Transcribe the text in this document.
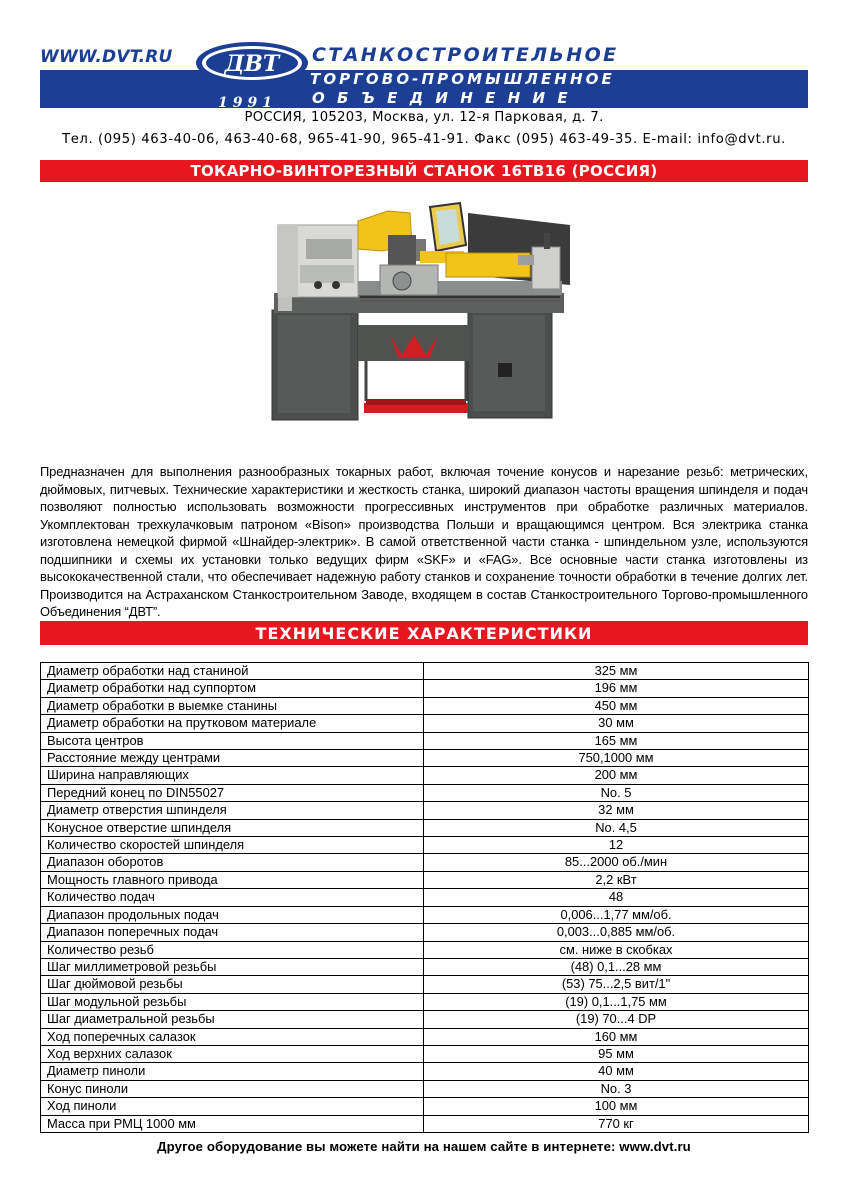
WWW.DVT.RU ДВТ
1991
СТАНКОСТРОИТЕЛЬНОЕ
ТОРГОВО-ПРОМЫШЛЕННОЕ
ОБЪЕДИНЕНИЕ
РОССИЯ, 105203, Москва, ул. 12-я Парковая, д. 7.
Тел. (095) 463-40-06, 463-40-68, 965-41-90, 965-41-91. Факс (095) 463-49-35. E-mail: info@dvt.ru.
ТОКАРНО-ВИНТОРЕЗНЫЙ СТАНОК 16ТВ16 (РОССИЯ)
Предназначен для выполнения разнообразных токарных работ, включая точение конусов и нарезание резьб: метрических, дюймовых, питчевых. Технические характеристики и жесткость станка, широкий диапазон частоты вращения шпинделя и подач позволяют полностью использовать возможности прогрессивных инструментов при обработке различных материалов. Укомплектован трехкулачковым патроном «Bison» производства Польши и вращающимся центром. Вся электрика станка изготовлена немецкой фирмой «Шнайдер-электрик». В самой ответственной части станка - шпиндельном узле, используются подшипники и схемы их установки только ведущих фирм «SKF» и «FAG». Все основные части станка изготовлены из высококачественной стали, что обеспечивает надежную работу станков и сохранение точности обработки в течение долгих лет. Производится на Астраханском Станкостроительном Заводе, входящем в состав Станкостроительного Торгово-промышленного Объединения “ДВТ”.
ТЕХНИЧЕСКИЕ ХАРАКТЕРИСТИКИ
Диаметр обработки над станиной	325 мм
Диаметр обработки над суппортом	196 мм
Диаметр обработки в выемке станины	450 мм
Диаметр обработки на прутковом материале	30 мм
Высота центров	165 мм
Расстояние между центрами	750,1000 мм
Ширина направляющих	200 мм
Передний конец по DIN55027	No. 5
Диаметр отверстия шпинделя	32 мм
Конусное отверстие шпинделя	No. 4,5
Количество скоростей шпинделя	12
Диапазон оборотов	85...2000 об./мин
Мощность главного привода	2,2 кВт
Количество подач	48
Диапазон продольных подач	0,006...1,77 мм/об.
Диапазон поперечных подач	0,003...0,885 мм/об.
Количество резьб	см. ниже в скобках
Шаг миллиметровой резьбы	(48) 0,1...28 мм
Шаг дюймовой резьбы	(53) 75...2,5 вит/1"
Шаг модульной резьбы	(19) 0,1...1,75 мм
Шаг диаметральной резьбы	(19) 70...4 DP
Ход поперечных салазок	160 мм
Ход верхних салазок	95 мм
Диаметр пиноли	40 мм
Конус пиноли	No. 3
Ход пиноли	100 мм
Масса при РМЦ 1000 мм	770 кг
Другое оборудование вы можете найти на нашем сайте в интернете: www.dvt.ru
